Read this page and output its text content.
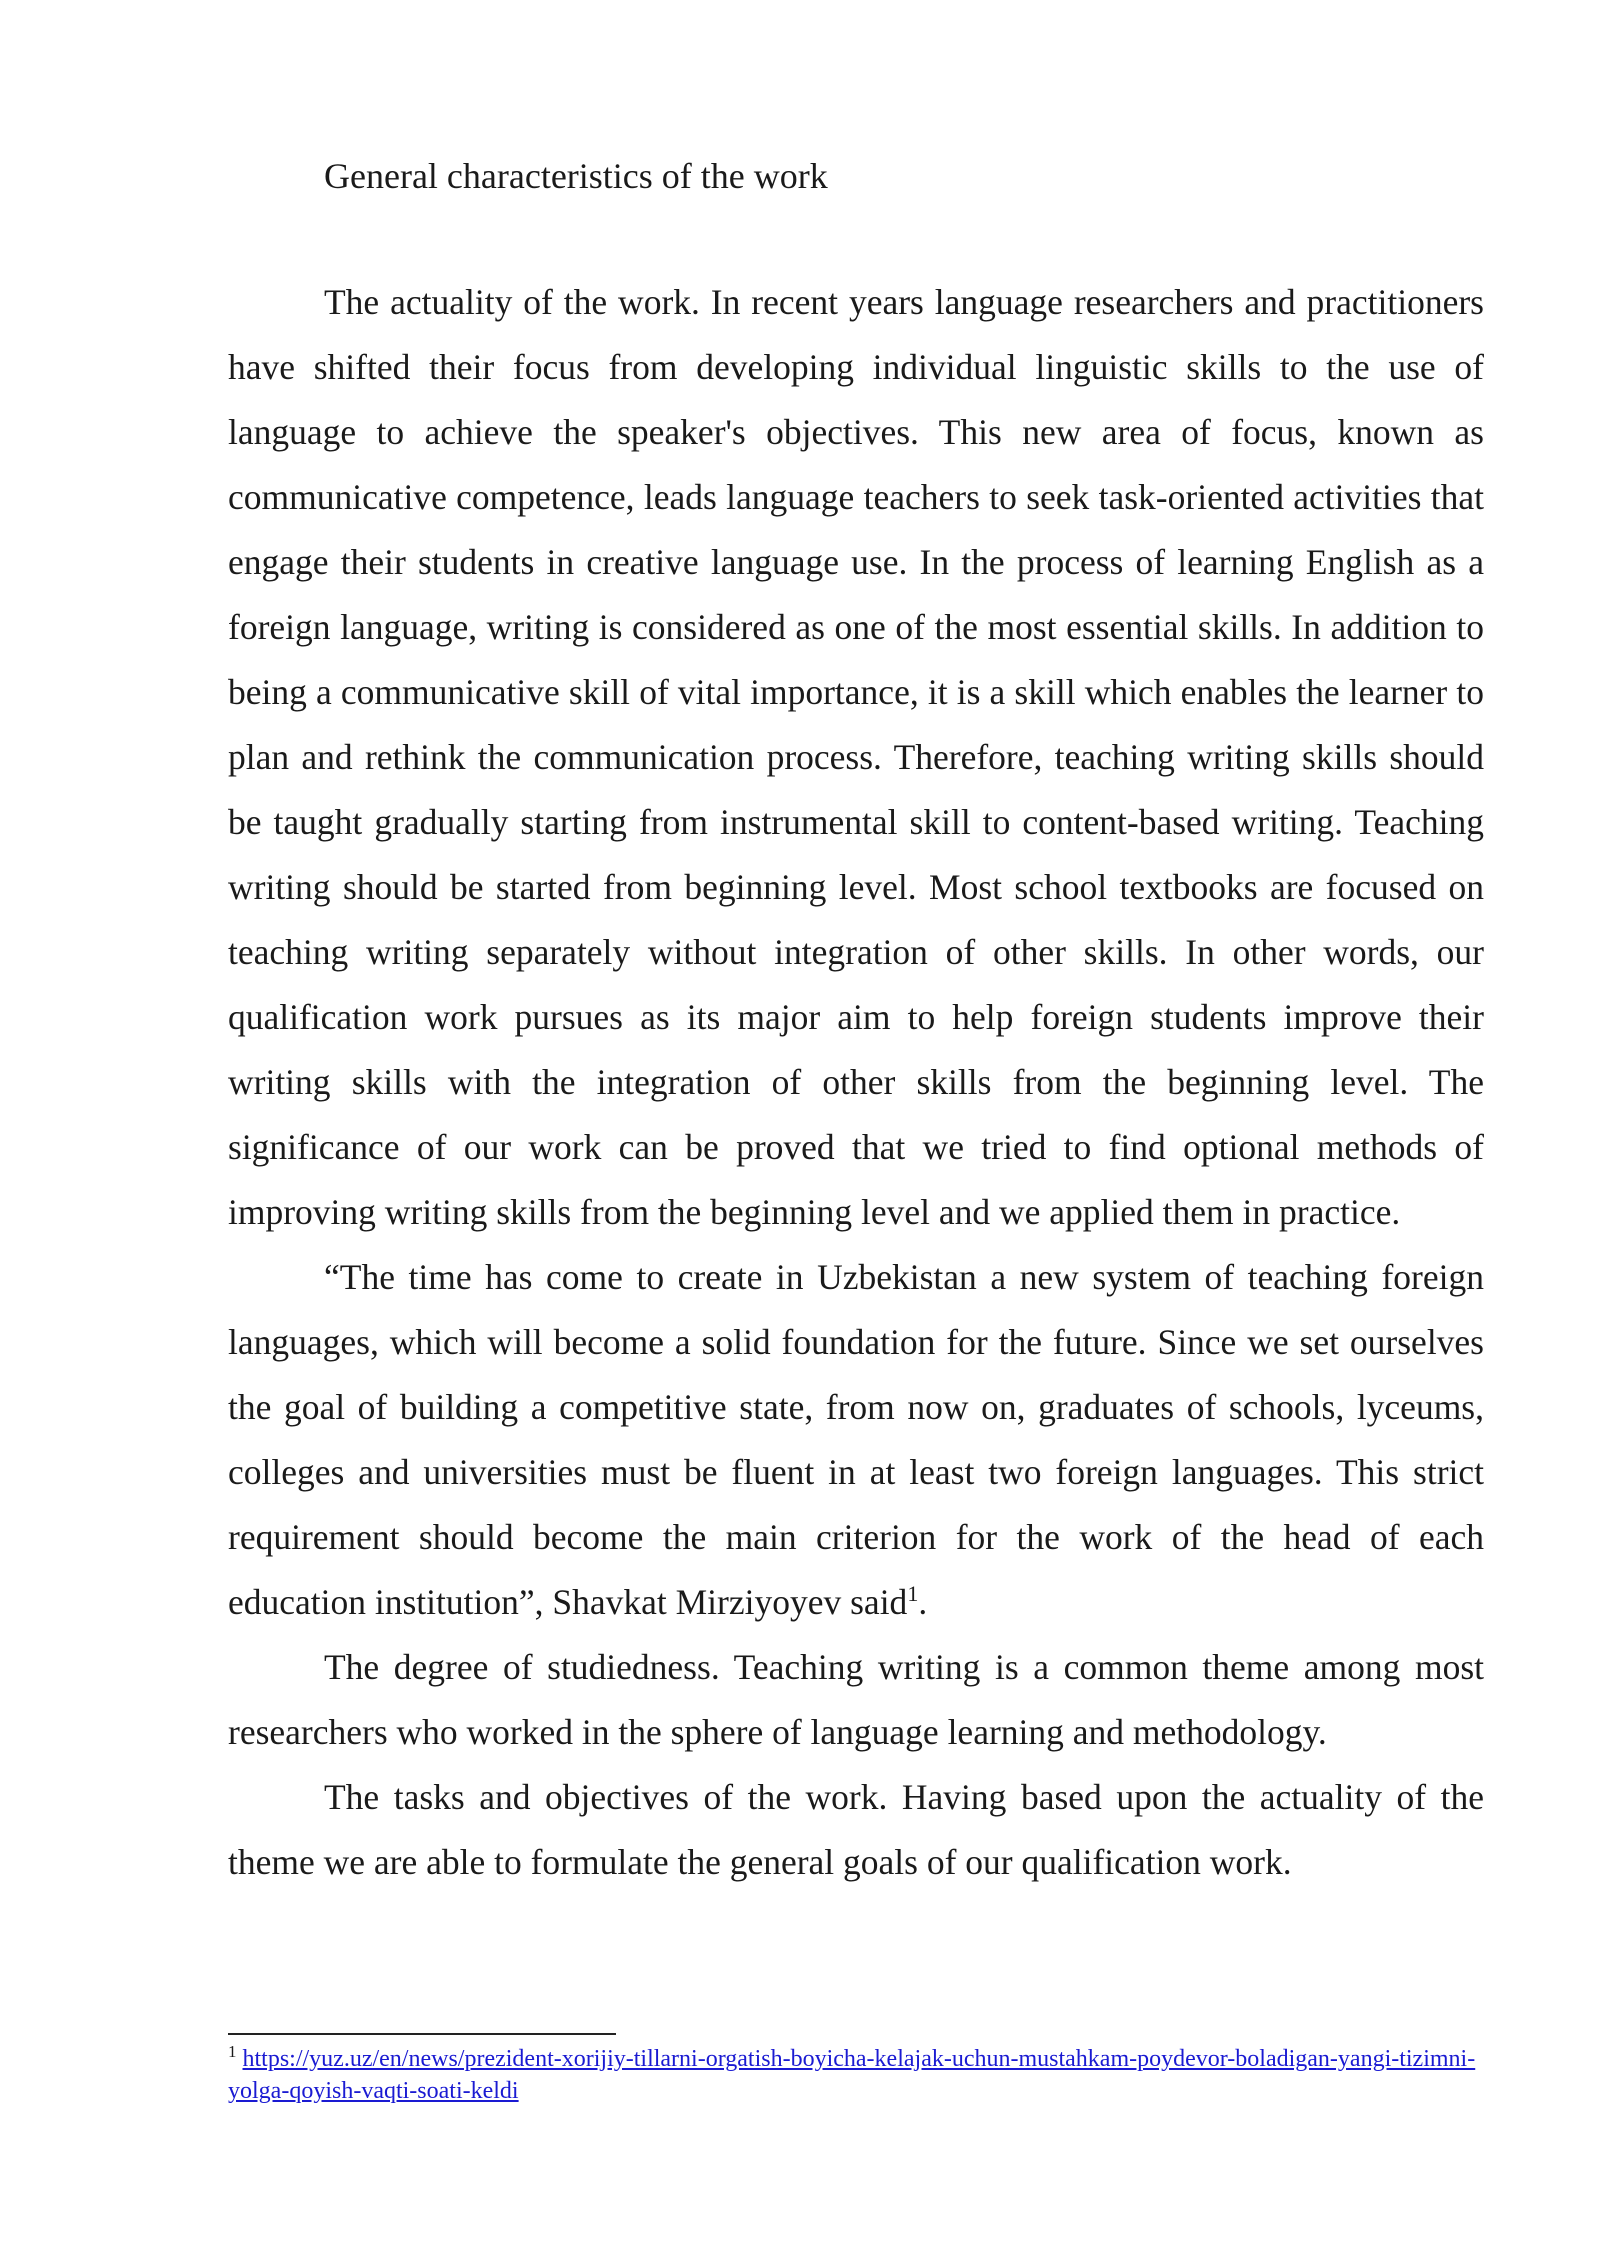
General characteristics of the work

The actuality of the work. In recent years language researchers and practitioners have shifted their focus from developing individual linguistic skills to the use of language to achieve the speaker's objectives. This new area of focus, known as communicative competence, leads language teachers to seek task-oriented activities that engage their students in creative language use. In the process of learning English as a foreign language, writing is considered as one of the most essential skills. In addition to being a communicative skill of vital importance, it is a skill which enables the learner to plan and rethink the communication process. Therefore, teaching writing skills should be taught gradually starting from instrumental skill to content-based writing. Teaching writing should be started from beginning level. Most school textbooks are focused on teaching writing separately without integration of other skills. In other words, our qualification work pursues as its major aim to help foreign students improve their writing skills with the integration of other skills from the beginning level. The significance of our work can be proved that we tried to find optional methods of improving writing skills from the beginning level and we applied them in practice.

“The time has come to create in Uzbekistan a new system of teaching foreign languages, which will become a solid foundation for the future. Since we set ourselves the goal of building a competitive state, from now on, graduates of schools, lyceums, colleges and universities must be fluent in at least two foreign languages. This strict requirement should become the main criterion for the work of the head of each education institution”, Shavkat Mirziyoyev said$^1$.

The degree of studiedness. Teaching writing is a common theme among most researchers who worked in the sphere of language learning and methodology.

The tasks and objectives of the work. Having based upon the actuality of the theme we are able to formulate the general goals of our qualification work.

$^1$ https://yuz.uz/en/news/prezident-xorijiy-tillarni-orgatish-boyicha-kelajak-uchun-mustahkam-poydevor-boladigan-yangi-tizimni-yolga-qoyish-vaqti-soati-keldi
